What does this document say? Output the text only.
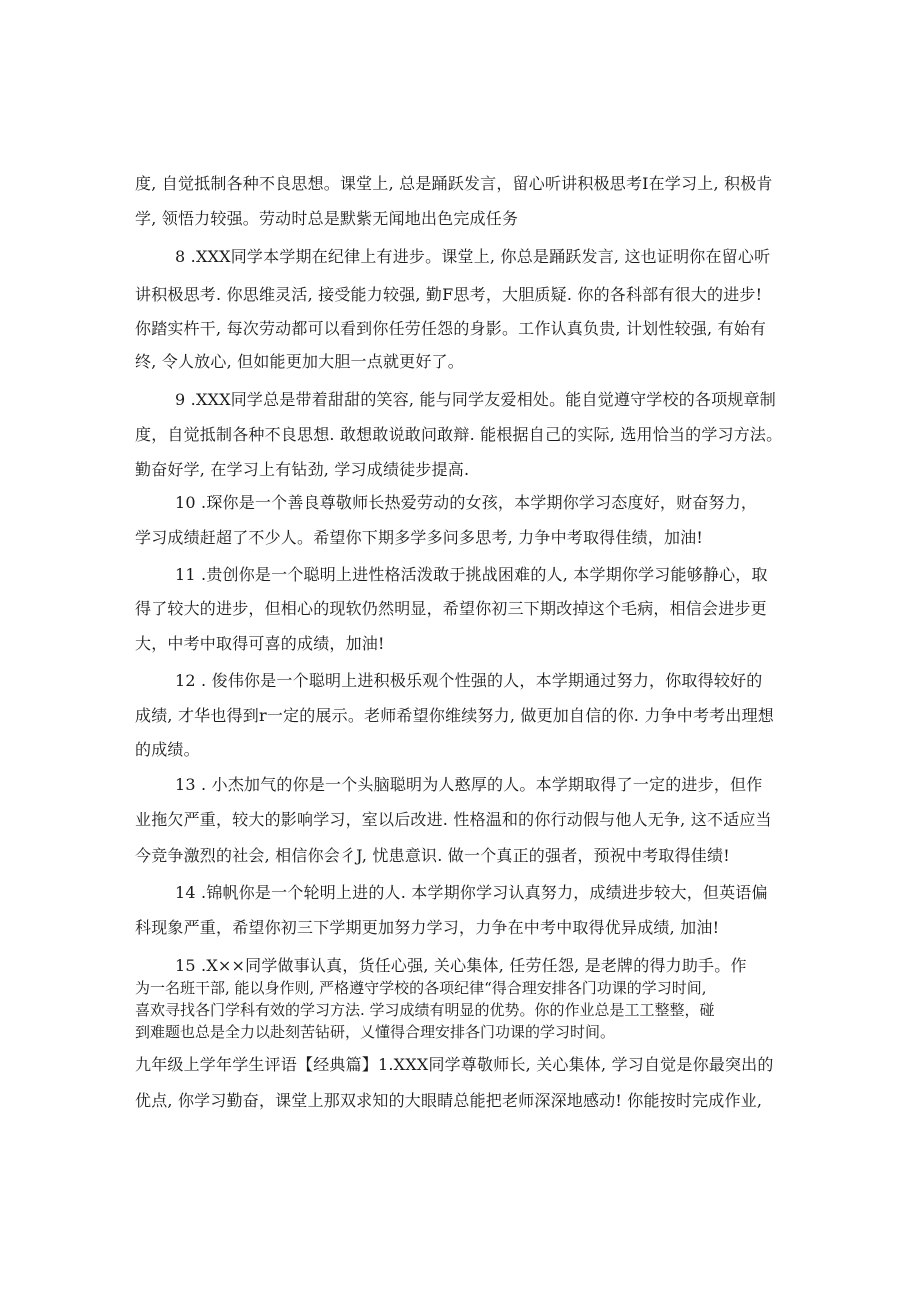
度, 自觉抵制各种不良思想。课堂上, 总是踊跃发言，留心听讲积极思考I在学习上, 积极肯

学, 领悟力较强。劳动时总是默紫无闻地出色完成任务

8 .XXX同学本学期在纪律上有进步。课堂上, 你总是踊跃发言, 这也证明你在留心听

讲积极思考. 你思维灵活, 接受能力较强, 勤F思考，大胆质疑. 你的各科部有很大的进步!

你踏实杵干, 每次劳动都可以看到你任劳任怨的身影。工作认真负贵, 计划性较强, 有始有

终, 令人放心, 但如能更加大胆一点就更好了。

9 .XXX同学总是带着甜甜的笑容, 能与同学友爱相处。能自觉遵守学校的各项规章制

度，自觉抵制各种不良思想. 敢想敢说敢问敢辩. 能根据自己的实际, 选用恰当的学习方法。

勤奋好学, 在学习上有钻劲, 学习成绩徒步提高.

10 .琛你是一个善良尊敬师长热爱劳动的女孩，本学期你学习态度好，财奋努力，

学习成绩赶超了不少人。希望你下期多学多问多思考, 力争中考取得佳绩，加油!

11 .贵创你是一个聪明上进性格活泼敢于挑战困难的人, 本学期你学习能够静心，取

得了较大的进步，但相心的现软仍然明显，希望你初三下期改掉这个毛病，相信会进步更

大，中考中取得可喜的成绩，加油!

12 . 俊伟你是一个聪明上进积极乐观个性强的人，本学期通过努力，你取得较好的

成绩, 才华也得到r一定的展示。老师希望你维续努力, 做更加自信的你. 力争中考考出理想

的成绩。

13 . 小杰加气的你是一个头脑聪明为人憨厚的人。本学期取得了一定的进步，但作

业拖欠严重，较大的影响学习，室以后改进. 性格温和的你行动假与他人无争, 这不适应当

今竞争激烈的社会, 相信你会彳J, 忧患意识. 做一个真正的强者，预祝中考取得佳绩!

14 .锦帆你是一个轮明上进的人. 本学期你学习认真努力，成绩进步较大，但英语偏

科现象严重，希望你初三下学期更加努力学习，力争在中考中取得优异成绩, 加油!

15 .X××同学做事认真，货任心强, 关心集体, 任劳任怨, 是老牌的得力助手。作

为一名班干部, 能以身作则, 严格遵守学校的各项纪律“得合理安排各门功课的学习时间,

喜欢寻找各门学科有效的学习方法. 学习成绩有明显的优势。你的作业总是工工整整，碰

到难题也总是全力以赴刻苦钻研，乂懂得合理安排各门功课的学习时间。

九年级上学年学生评语【经典篇】1.XXX同学尊敬师长, 关心集体, 学习自觉是你最突出的

优点, 你学习勤奋，课堂上那双求知的大眼睛总能把老师深深地感动! 你能按时完成作业,
